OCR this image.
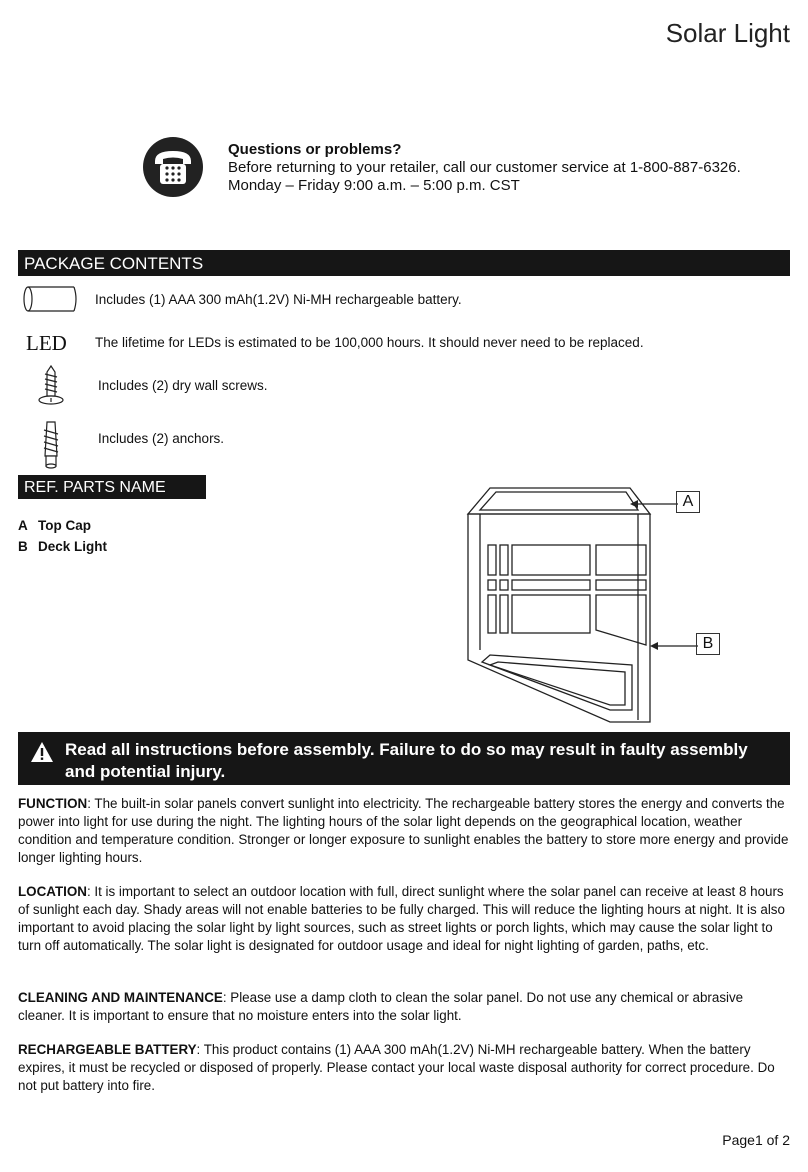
Solar Light
Questions or problems?
Before returning to your retailer, call our customer service at 1-800-887-6326.
Monday – Friday 9:00 a.m. – 5:00 p.m. CST
PACKAGE CONTENTS
Includes (1) AAA 300 mAh(1.2V) Ni-MH rechargeable battery.
LED The lifetime for LEDs is estimated to be 100,000 hours. It should never need to be replaced.
Includes (2) dry wall screws.
Includes (2) anchors.
REF. PARTS NAME
A Top Cap
B Deck Light
A
B
Read all instructions before assembly. Failure to do so may result in faulty assembly
and potential injury.
FUNCTION: The built-in solar panels convert sunlight into electricity. The rechargeable battery stores the energy and converts the power into light for use during the night. The lighting hours of the solar light depends on the geographical location, weather condition and temperature condition. Stronger or longer exposure to sunlight enables the battery to store more energy and provide longer lighting hours.
LOCATION: It is important to select an outdoor location with full, direct sunlight where the solar panel can receive at least 8 hours of sunlight each day. Shady areas will not enable batteries to be fully charged. This will reduce the lighting hours at night. It is also important to avoid placing the solar light by light sources, such as street lights or porch lights, which may cause the solar light to turn off automatically. The solar light is designated for outdoor usage and ideal for night lighting of garden, paths, etc.
CLEANING AND MAINTENANCE: Please use a damp cloth to clean the solar panel. Do not use any chemical or abrasive cleaner. It is important to ensure that no moisture enters into the solar light.
RECHARGEABLE BATTERY: This product contains (1) AAA 300 mAh(1.2V) Ni-MH rechargeable battery. When the battery expires, it must be recycled or disposed of properly. Please contact your local waste disposal authority for correct procedure. Do not put battery into fire.
Page1 of 2
